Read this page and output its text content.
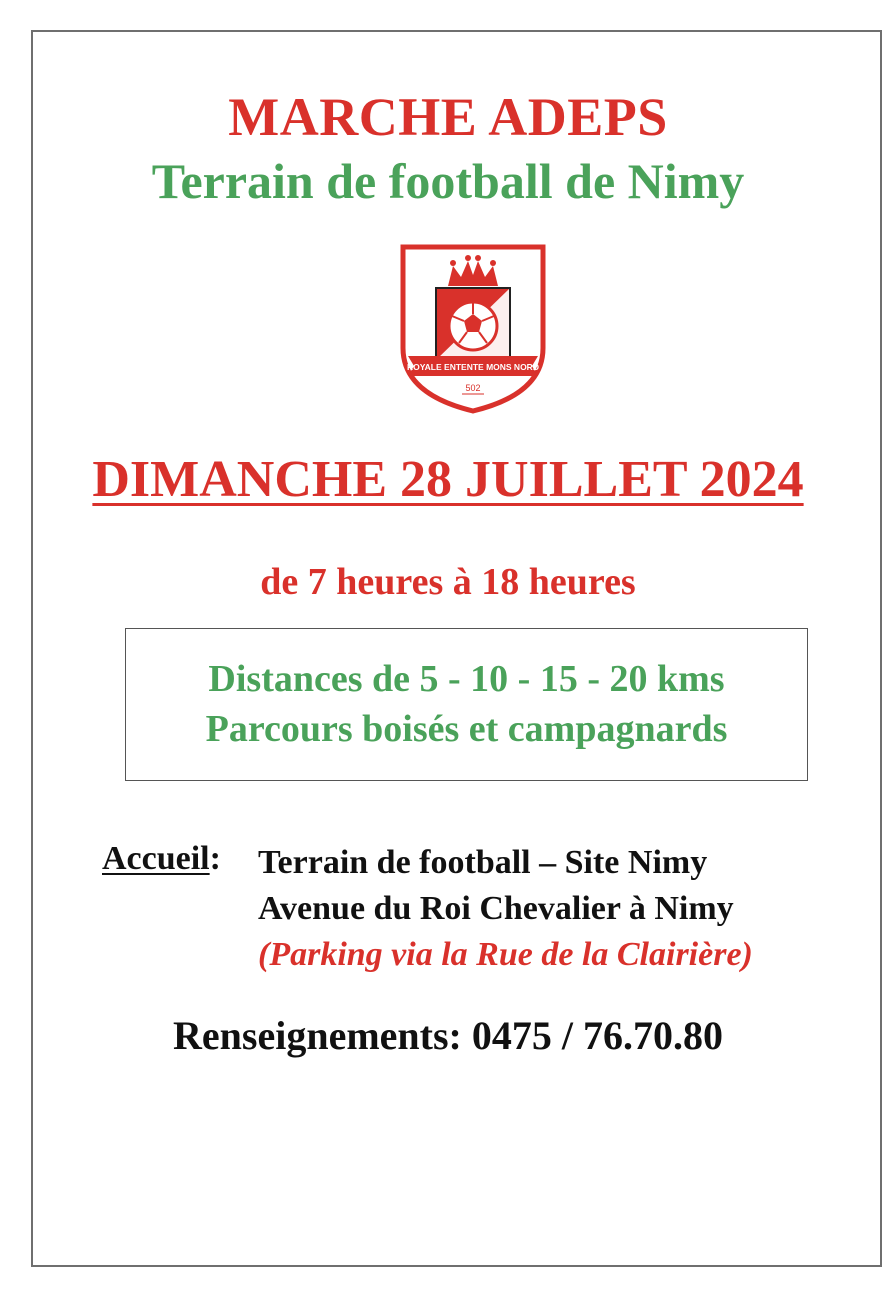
MARCHE ADEPS
Terrain de football de Nimy
ROYALE ENTENTE MONS NORD
502
DIMANCHE 28 JUILLET 2024
de 7 heures à 18 heures
Distances de 5 - 10 - 15 - 20 kms
Parcours boisés et campagnards
Accueil: Terrain de football – Site Nimy
Avenue du Roi Chevalier à Nimy
(Parking via la Rue de la Clairière)
Renseignements: 0475 / 76.70.80
